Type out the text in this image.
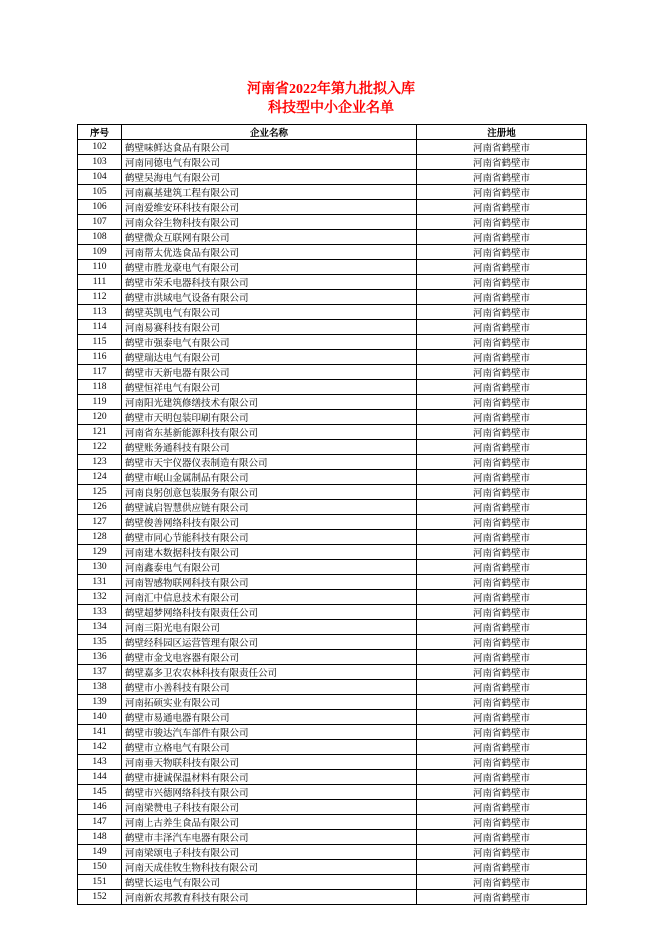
河南省2022年第九批拟入库
科技型中小企业名单
序号	企业名称	注册地
102	鹤壁味鲜达食品有限公司	河南省鹤壁市
103	河南同德电气有限公司	河南省鹤壁市
104	鹤壁吴海电气有限公司	河南省鹤壁市
105	河南赢基建筑工程有限公司	河南省鹤壁市
106	河南爱维安环科技有限公司	河南省鹤壁市
107	河南众谷生物科技有限公司	河南省鹤壁市
108	鹤壁微众互联网有限公司	河南省鹤壁市
109	河南帮太优选食品有限公司	河南省鹤壁市
110	鹤壁市胜龙豪电气有限公司	河南省鹤壁市
111	鹤壁市荣禾电器科技有限公司	河南省鹤壁市
112	鹤壁市洪域电气设备有限公司	河南省鹤壁市
113	鹤壁英凯电气有限公司	河南省鹤壁市
114	河南易赛科技有限公司	河南省鹤壁市
115	鹤壁市强泰电气有限公司	河南省鹤壁市
116	鹤壁瑞达电气有限公司	河南省鹤壁市
117	鹤壁市天新电器有限公司	河南省鹤壁市
118	鹤壁恒祥电气有限公司	河南省鹤壁市
119	河南阳光建筑修缮技术有限公司	河南省鹤壁市
120	鹤壁市天明包装印刷有限公司	河南省鹤壁市
121	河南省东基新能源科技有限公司	河南省鹤壁市
122	鹤壁账务通科技有限公司	河南省鹤壁市
123	鹤壁市天宇仪器仪表制造有限公司	河南省鹤壁市
124	鹤壁市岷山金属制品有限公司	河南省鹤壁市
125	河南良躬创意包装服务有限公司	河南省鹤壁市
126	鹤壁诚启智慧供应链有限公司	河南省鹤壁市
127	鹤壁俊善网络科技有限公司	河南省鹤壁市
128	鹤壁市同心节能科技有限公司	河南省鹤壁市
129	河南建木数据科技有限公司	河南省鹤壁市
130	河南鑫泰电气有限公司	河南省鹤壁市
131	河南智感物联网科技有限公司	河南省鹤壁市
132	河南汇中信息技术有限公司	河南省鹤壁市
133	鹤壁超梦网络科技有限责任公司	河南省鹤壁市
134	河南三阳光电有限公司	河南省鹤壁市
135	鹤壁经科园区运营管理有限公司	河南省鹤壁市
136	鹤壁市金戈电容器有限公司	河南省鹤壁市
137	鹤壁嘉多卫农农林科技有限责任公司	河南省鹤壁市
138	鹤壁市小善科技有限公司	河南省鹤壁市
139	河南拓硕实业有限公司	河南省鹤壁市
140	鹤壁市易通电器有限公司	河南省鹤壁市
141	鹤壁市骏达汽车部件有限公司	河南省鹤壁市
142	鹤壁市立格电气有限公司	河南省鹤壁市
143	河南垂天物联科技有限公司	河南省鹤壁市
144	鹤壁市捷诚保温材料有限公司	河南省鹤壁市
145	鹤壁市兴德网络科技有限公司	河南省鹤壁市
146	河南梁赞电子科技有限公司	河南省鹤壁市
147	河南上古养生食品有限公司	河南省鹤壁市
148	鹤壁市丰泽汽车电器有限公司	河南省鹤壁市
149	河南梁颂电子科技有限公司	河南省鹤壁市
150	河南天成佳牧生物科技有限公司	河南省鹤壁市
151	鹤壁长运电气有限公司	河南省鹤壁市
152	河南新农邦教育科技有限公司	河南省鹤壁市
